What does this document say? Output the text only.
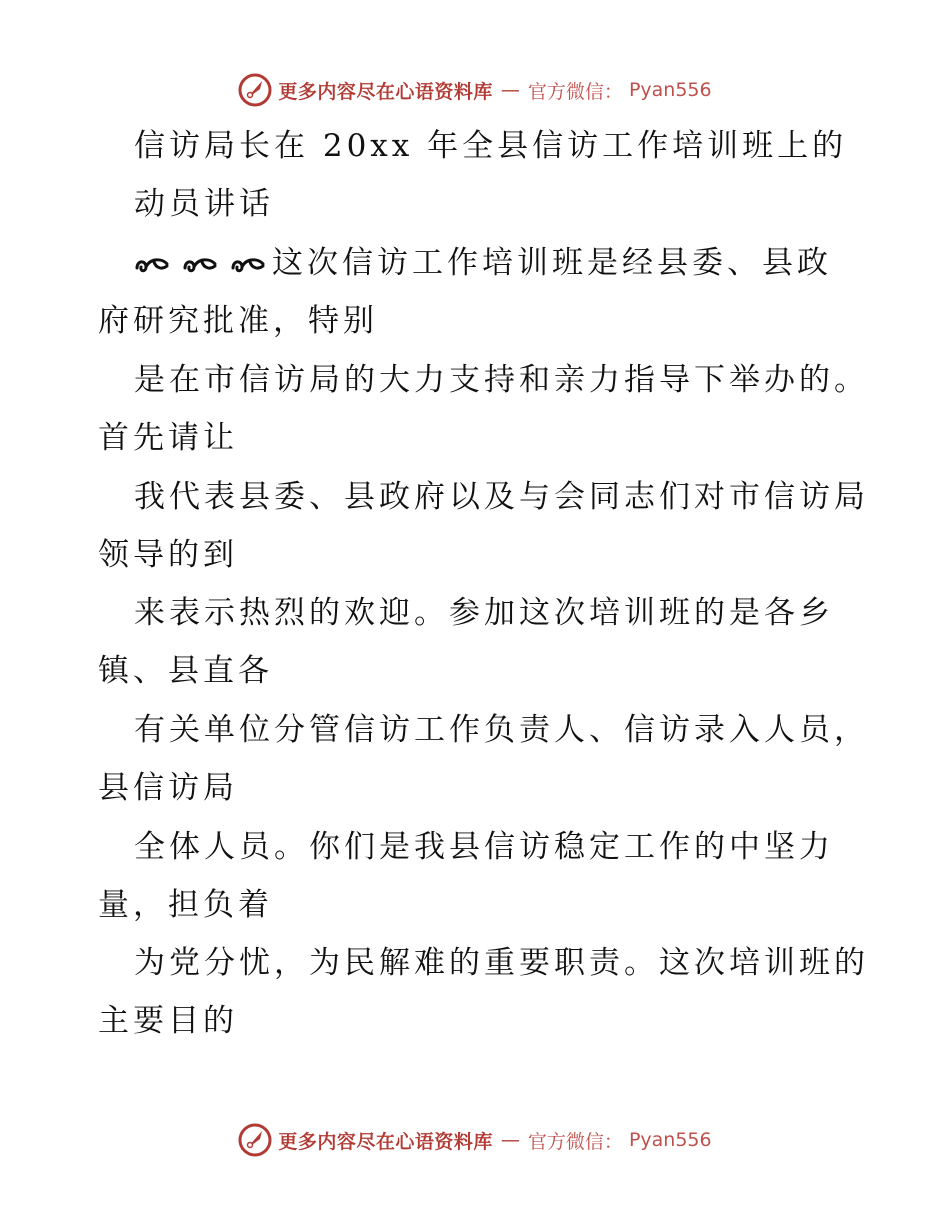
更多内容尽在心语资料库 — 官方微信： Pyan556
信访局长在 20xx 年全县信访工作培训班上的
动员讲话
这次信访工作培训班是经县委、县政
府研究批准，特别
是在市信访局的大力支持和亲力指导下举办的。
首先请让
我代表县委、县政府以及与会同志们对市信访局
领导的到
来表示热烈的欢迎。参加这次培训班的是各乡
镇、县直各
有关单位分管信访工作负责人、信访录入人员，
县信访局
全体人员。你们是我县信访稳定工作的中坚力
量，担负着
为党分忧，为民解难的重要职责。这次培训班的
主要目的
更多内容尽在心语资料库 — 官方微信： Pyan556
